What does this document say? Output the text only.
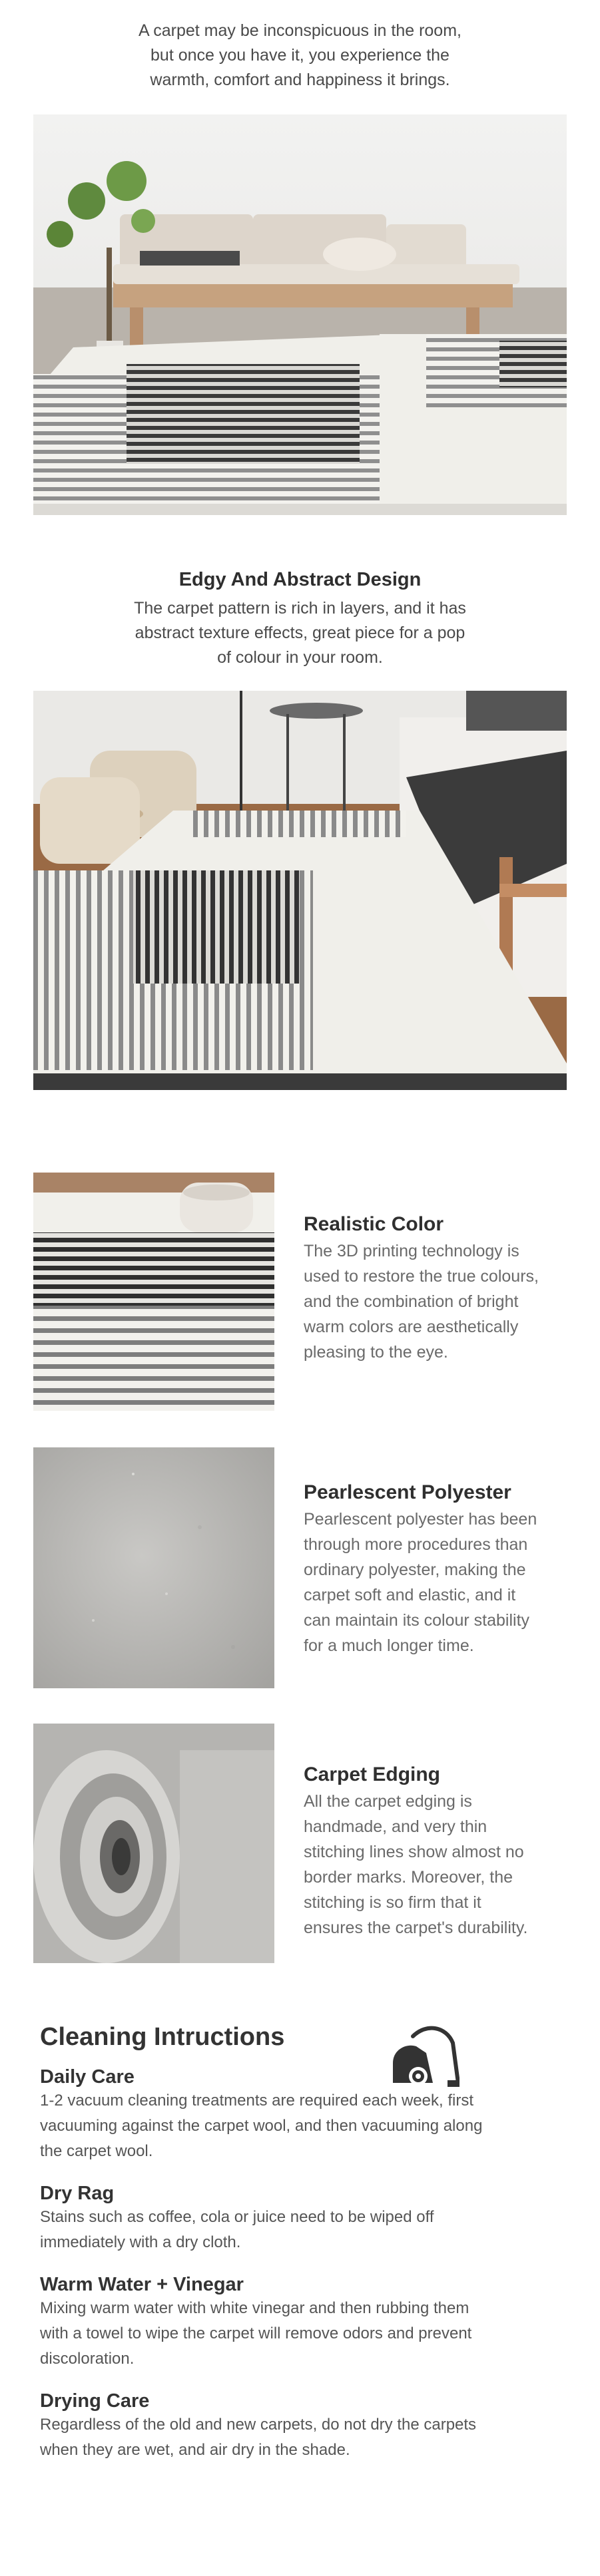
A carpet may be inconspicuous in the room,
but once you have it, you experience the
warmth, comfort and happiness it brings.
Edgy And Abstract Design
The carpet pattern is rich in layers, and it has
abstract texture effects, great piece for a pop
of colour in your room.
Realistic Color
The 3D printing technology is
used to restore the true colours,
and the combination of bright
warm colors are aesthetically
pleasing to the eye.
Pearlescent Polyester
Pearlescent polyester has been
through more procedures than
ordinary polyester, making the
carpet soft and elastic, and it
can maintain its colour stability
for a much longer time.
Carpet Edging
All the carpet edging is
handmade, and very thin
stitching lines show almost no
border marks. Moreover, the
stitching is so firm that it
ensures the carpet's durability.
Cleaning Intructions
Daily Care
1-2 vacuum cleaning treatments are required each week, first
vacuuming against the carpet wool, and then vacuuming along
the carpet wool.
Dry Rag
Stains such as coffee, cola or juice need to be wiped off
immediately with a dry cloth.
Warm Water + Vinegar
Mixing warm water with white vinegar and then rubbing them
with a towel to wipe the carpet will remove odors and prevent
discoloration.
Drying Care
Regardless of the old and new carpets, do not dry the carpets
when they are wet, and air dry in the shade.
